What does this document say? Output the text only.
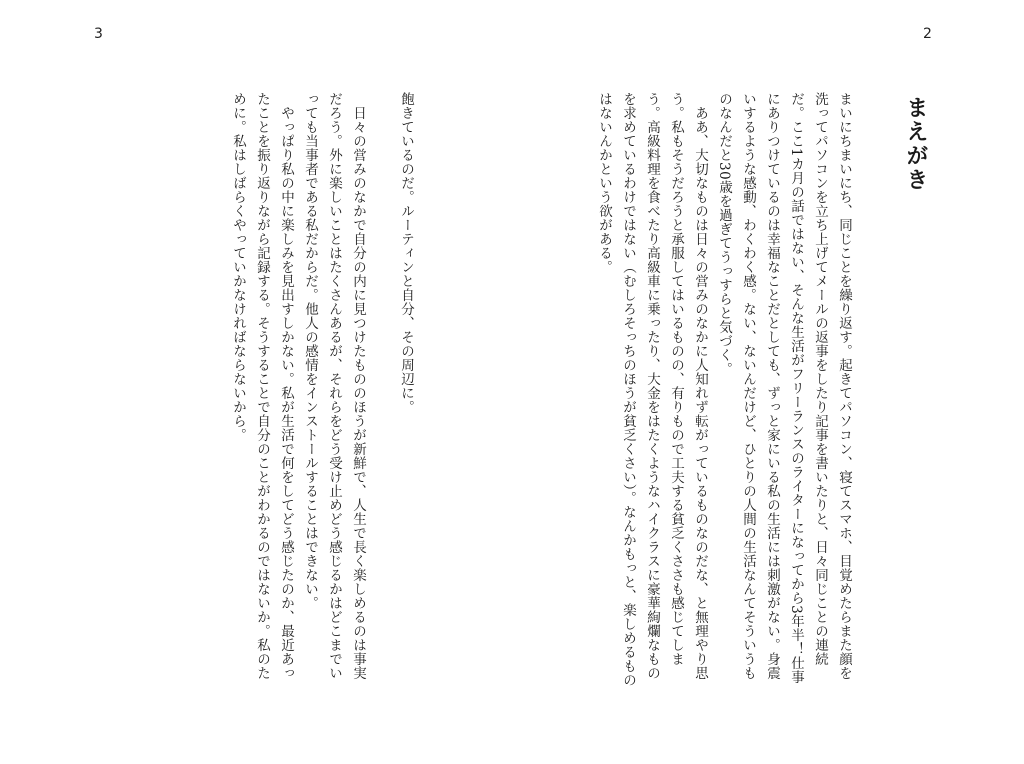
3	2
まえがき

まいにちまいにち、同じことを繰り返す。起きてパソコン、寝てスマホ、目覚めたらまた顔を洗ってパソコンを立ち上げてメールの返事をしたり記事を書いたりと、日々同じことの連続だ。ここ1カ月の話ではない、そんな生活がフリーランスのライターになってから3年半！仕事にありつけているのは幸福なことだとしても、ずっと家にいる私の生活には刺激がない。身震いするような感動、わくわく感。ない、ないんだけど、ひとりの人間の生活なんてそういうものなんだと30歳を過ぎてうっすらと気づく。

ああ、大切なものは日々の営みのなかに人知れず転がっているものなのだな、と無理やり思う。私もそうだろうと承服してはいるものの、有りもので工夫する貧乏くささも感じてしまう。高級料理を食べたり高級車に乗ったり、大金をはたくようなハイクラスに豪華絢爛なものを求めているわけではない（むしろそっちのほうが貧乏くさい）。なんかもっと、楽しめるものはないんかという欲がある。

飽きているのだ。ルーティンと自分、その周辺に。

日々の営みのなかで自分の内に見つけたもののほうが新鮮で、人生で長く楽しめるのは事実だろう。外に楽しいことはたくさんあるが、それらをどう受け止めどう感じるかはどこまでいっても当事者である私だからだ。他人の感情をインストールすることはできない。

やっぱり私の中に楽しみを見出すしかない。私が生活で何をしてどう感じたのか、最近あったことを振り返りながら記録する。そうすることで自分のことがわかるのではないか。私のために。私はしばらくやっていかなければならないから。
